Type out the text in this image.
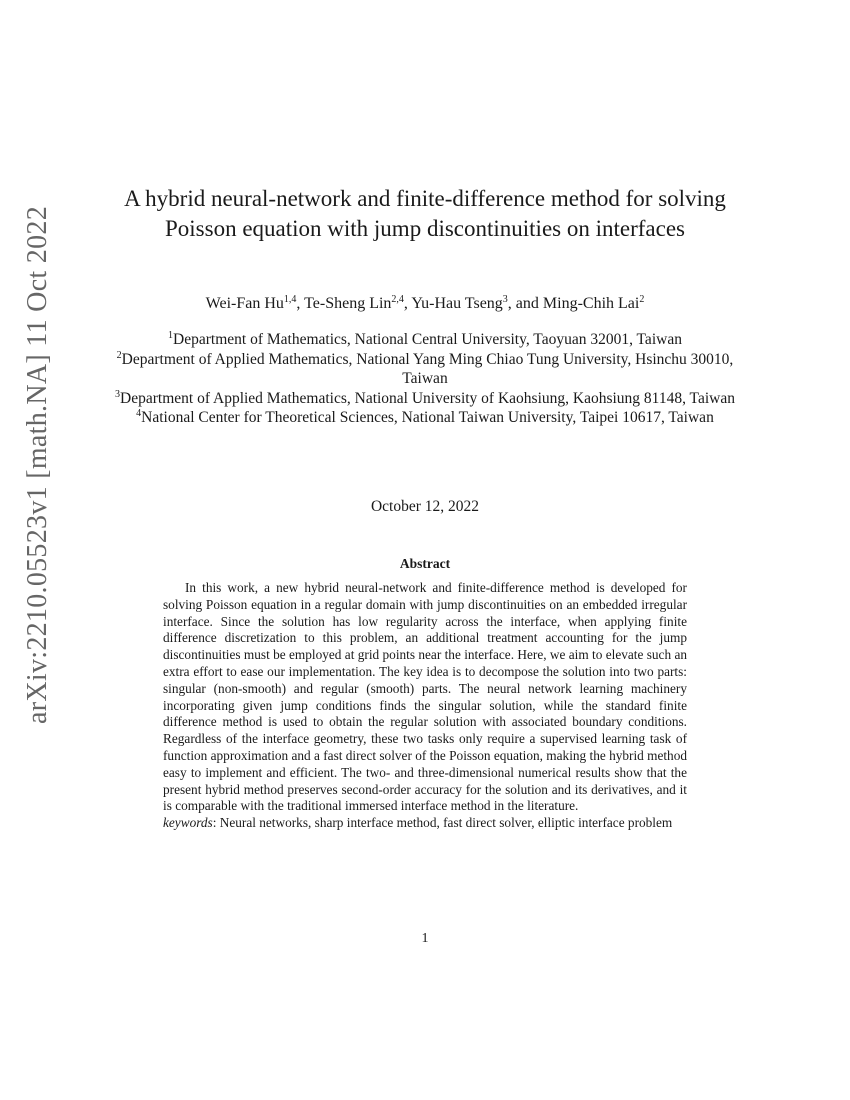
arXiv:2210.05523v1 [math.NA] 11 Oct 2022
A hybrid neural-network and finite-difference method for solving Poisson equation with jump discontinuities on interfaces
Wei-Fan Hu$^{1,4}$, Te-Sheng Lin$^{2,4}$, Yu-Hau Tseng$^3$, and Ming-Chih Lai$^2$
$^1$Department of Mathematics, National Central University, Taoyuan 32001, Taiwan
$^2$Department of Applied Mathematics, National Yang Ming Chiao Tung University, Hsinchu 30010, Taiwan
$^3$Department of Applied Mathematics, National University of Kaohsiung, Kaohsiung 81148, Taiwan
$^4$National Center for Theoretical Sciences, National Taiwan University, Taipei 10617, Taiwan
October 12, 2022
Abstract

In this work, a new hybrid neural-network and finite-difference method is developed for solving Poisson equation in a regular domain with jump discontinuities on an embedded irregular interface. Since the solution has low regularity across the interface, when applying finite difference discretization to this problem, an additional treatment accounting for the jump discontinuities must be employed at grid points near the interface. Here, we aim to elevate such an extra effort to ease our implementation. The key idea is to decompose the solution into two parts: singular (non-smooth) and regular (smooth) parts. The neural network learning machinery incorporating given jump conditions finds the singular solution, while the standard finite difference method is used to obtain the regular solution with associated boundary conditions. Regardless of the interface geometry, these two tasks only require a supervised learning task of function approximation and a fast direct solver of the Poisson equation, making the hybrid method easy to implement and efficient. The two- and three-dimensional numerical results show that the present hybrid method preserves second-order accuracy for the solution and its derivatives, and it is comparable with the traditional immersed interface method in the literature.

keywords: Neural networks, sharp interface method, fast direct solver, elliptic interface problem

1
